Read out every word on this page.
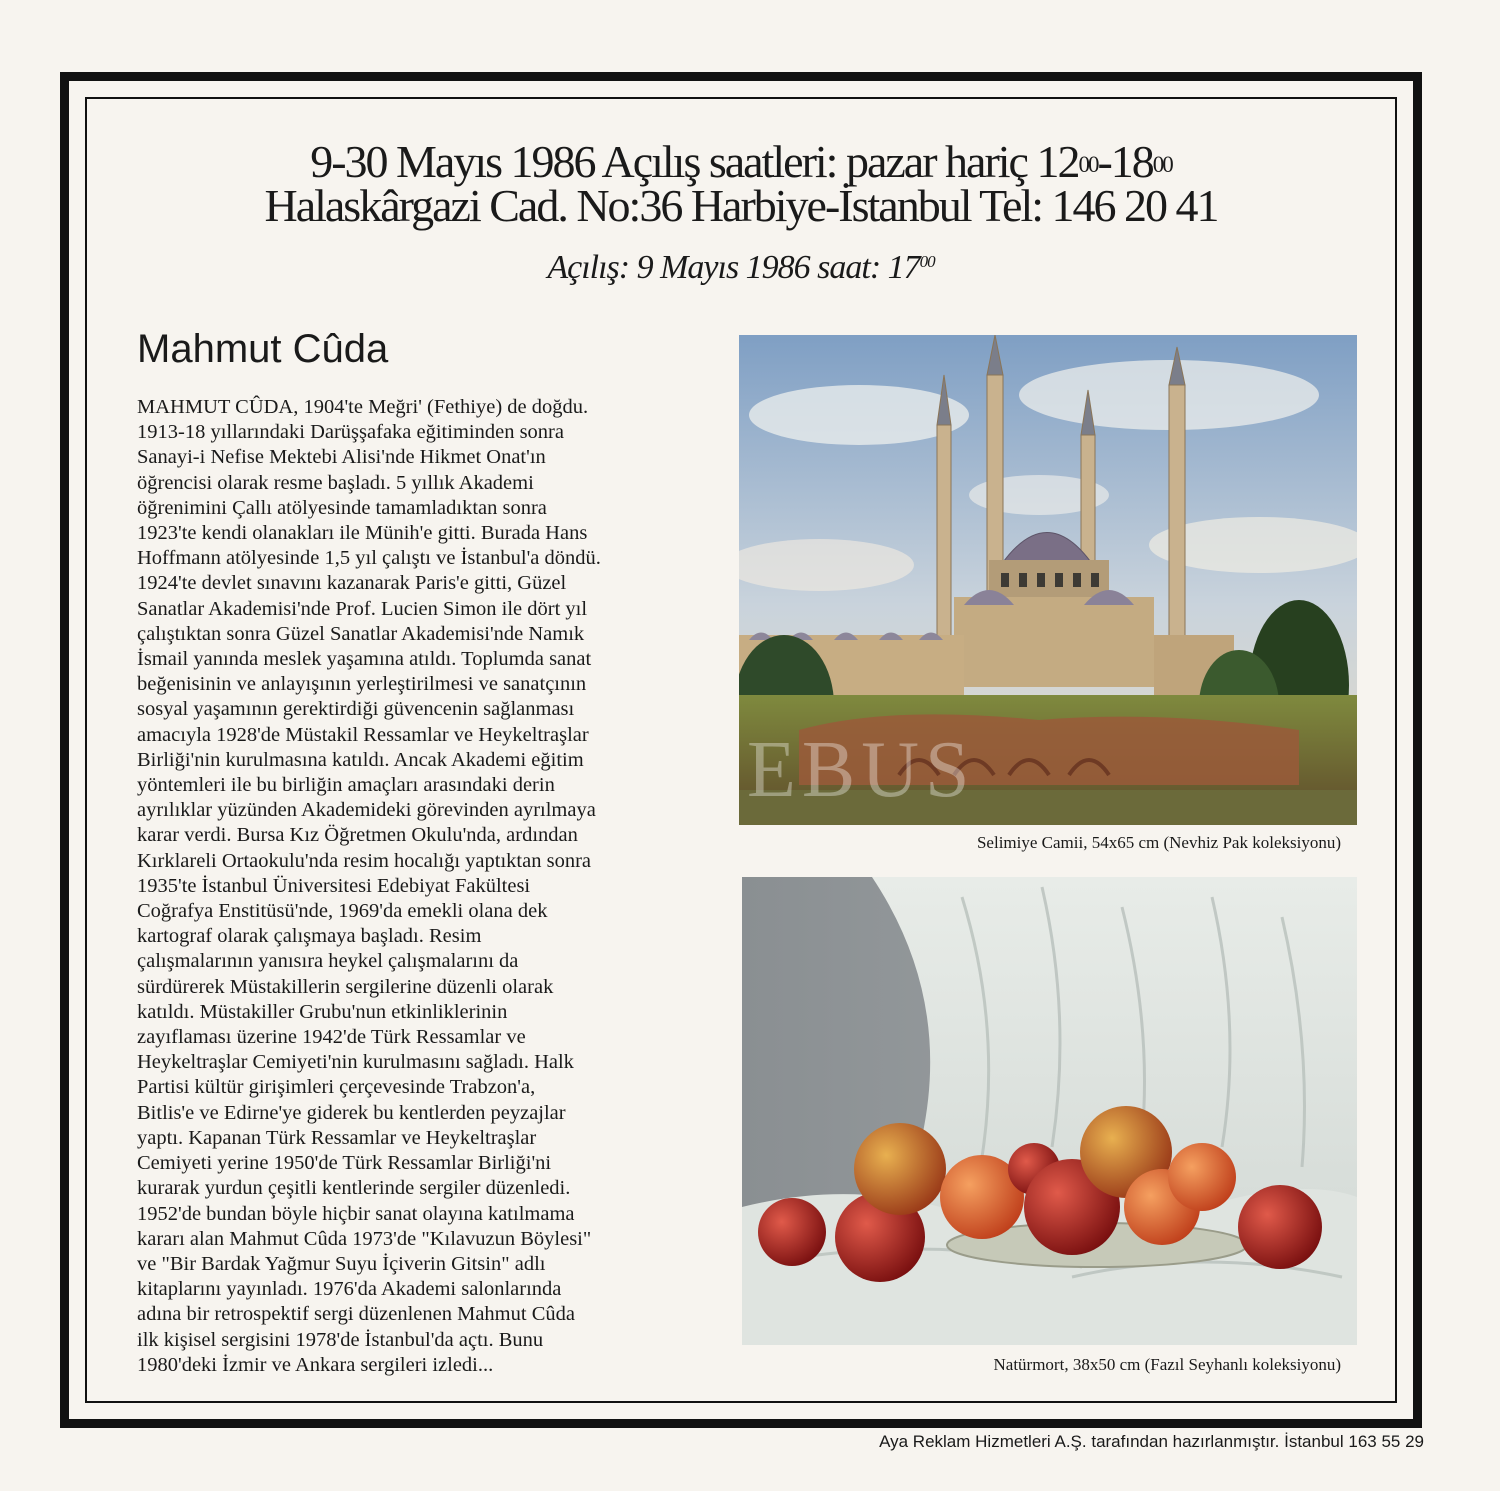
9-30 Mayıs 1986 Açılış saatleri: pazar hariç $12^{00}-18^{00}$
Halaskârgazi Cad. No:36 Harbiye-İstanbul Tel: 146 20 41
Açılış: 9 Mayıs 1986 saat: $17^{00}$
Mahmut Cûda
MAHMUT CÛDA, 1904'te Meğri' (Fethiye) de doğdu.
1913-18 yıllarındaki Darüşşafaka eğitiminden sonra
Sanayi-i Nefise Mektebi Alisi'nde Hikmet Onat'ın
öğrencisi olarak resme başladı. 5 yıllık Akademi
öğrenimini Çallı atölyesinde tamamladıktan sonra
1923'te kendi olanakları ile Münih'e gitti. Burada Hans
Hoffmann atölyesinde 1,5 yıl çalıştı ve İstanbul'a döndü.
1924'te devlet sınavını kazanarak Paris'e gitti, Güzel
Sanatlar Akademisi'nde Prof. Lucien Simon ile dört yıl
çalıştıktan sonra Güzel Sanatlar Akademisi'nde Namık
İsmail yanında meslek yaşamına atıldı. Toplumda sanat
beğenisinin ve anlayışının yerleştirilmesi ve sanatçının
sosyal yaşamının gerektirdiği güvencenin sağlanması
amacıyla 1928'de Müstakil Ressamlar ve Heykeltraşlar
Birliği'nin kurulmasına katıldı. Ancak Akademi eğitim
yöntemleri ile bu birliğin amaçları arasındaki derin
ayrılıklar yüzünden Akademideki görevinden ayrılmaya
karar verdi. Bursa Kız Öğretmen Okulu'nda, ardından
Kırklareli Ortaokulu'nda resim hocalığı yaptıktan sonra
1935'te İstanbul Üniversitesi Edebiyat Fakültesi
Coğrafya Enstitüsü'nde, 1969'da emekli olana dek
kartograf olarak çalışmaya başladı. Resim
çalışmalarının yanısıra heykel çalışmalarını da
sürdürerek Müstakillerin sergilerine düzenli olarak
katıldı. Müstakiller Grubu'nun etkinliklerinin
zayıflaması üzerine 1942'de Türk Ressamlar ve
Heykeltraşlar Cemiyeti'nin kurulmasını sağladı. Halk
Partisi kültür girişimleri çerçevesinde Trabzon'a,
Bitlis'e ve Edirne'ye giderek bu kentlerden peyzajlar
yaptı. Kapanan Türk Ressamlar ve Heykeltraşlar
Cemiyeti yerine 1950'de Türk Ressamlar Birliği'ni
kurarak yurdun çeşitli kentlerinde sergiler düzenledi.
1952'de bundan böyle hiçbir sanat olayına katılmama
kararı alan Mahmut Cûda 1973'de "Kılavuzun Böylesi"
ve "Bir Bardak Yağmur Suyu İçiverin Gitsin" adlı
kitaplarını yayınladı. 1976'da Akademi salonlarında
adına bir retrospektif sergi düzenlenen Mahmut Cûda
ilk kişisel sergisini 1978'de İstanbul'da açtı. Bunu
1980'deki İzmir ve Ankara sergileri izledi...
EBUS
Selimiye Camii, 54x65 cm (Nevhiz Pak koleksiyonu)
Natürmort, 38x50 cm (Fazıl Seyhanlı koleksiyonu)
Aya Reklam Hizmetleri A.Ş. tarafından hazırlanmıştır. İstanbul 163 55 29
